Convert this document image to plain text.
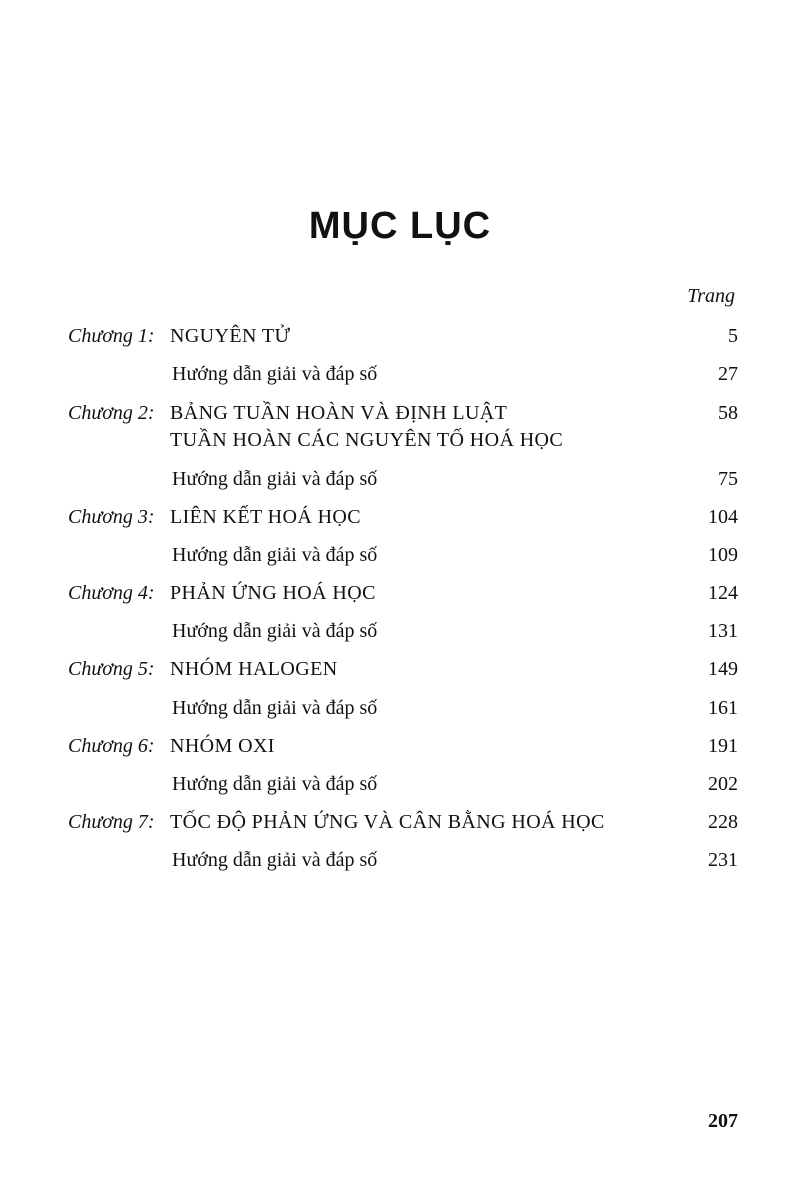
MỤC LỤC
Trang
Chương 1: NGUYÊN TỬ	5
Hướng dẫn giải và đáp số	27
Chương 2: BẢNG TUẦN HOÀN VÀ ĐỊNH LUẬT	58
TUẦN HOÀN CÁC NGUYÊN TỐ HOÁ HỌC
Hướng dẫn giải và đáp số	75
Chương 3: LIÊN KẾT HOÁ HỌC	104
Hướng dẫn giải và đáp số	109
Chương 4: PHẢN ỨNG HOÁ HỌC	124
Hướng dẫn giải và đáp số	131
Chương 5: NHÓM HALOGEN	149
Hướng dẫn giải và đáp số	161
Chương 6: NHÓM OXI	191
Hướng dẫn giải và đáp số	202
Chương 7: TỐC ĐỘ PHẢN ỨNG VÀ CÂN BẰNG HOÁ HỌC	228
Hướng dẫn giải và đáp số	231
207
